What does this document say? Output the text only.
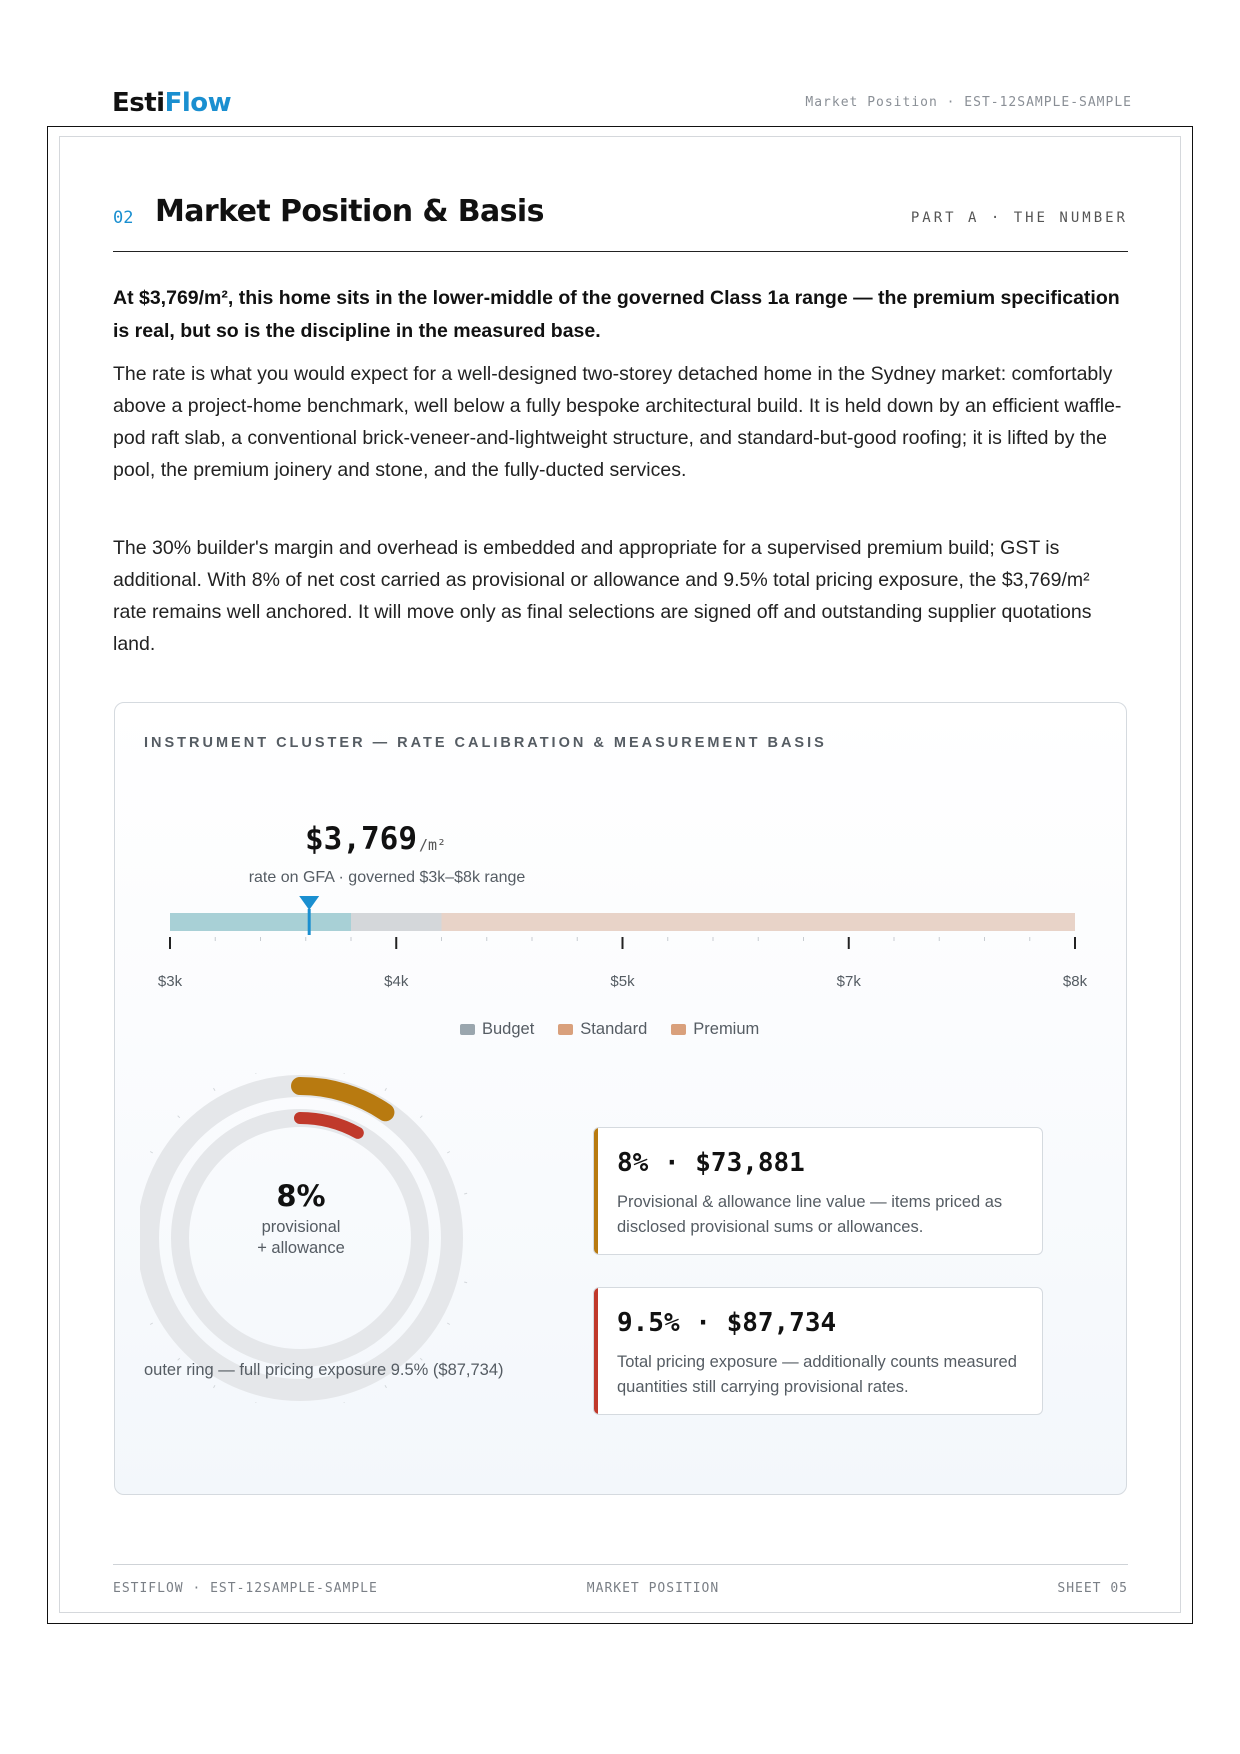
EstiFlow	Market Position · EST-12SAMPLE-SAMPLE
02 Market Position & Basis	PART A · THE NUMBER
At $3,769/m², this home sits in the lower-middle of the governed Class 1a range — the premium specification is real, but so is the discipline in the measured base.
The rate is what you would expect for a well-designed two-storey detached home in the Sydney market: comfortably above a project-home benchmark, well below a fully bespoke architectural build. It is held down by an efficient waffle-pod raft slab, a conventional brick-veneer-and-lightweight structure, and standard-but-good roofing; it is lifted by the pool, the premium joinery and stone, and the fully-ducted services.
The 30% builder's margin and overhead is embedded and appropriate for a supervised premium build; GST is additional. With 8% of net cost carried as provisional or allowance and 9.5% total pricing exposure, the $3,769/m² rate remains well anchored. It will move only as final selections are signed off and outstanding supplier quotations land.
INSTRUMENT CLUSTER — RATE CALIBRATION & MEASUREMENT BASIS
$3,769 /m²
rate on GFA · governed $3k–$8k range
$3k	$4k	$5k	$7k	$8k
Budget	Standard	Premium
8%
provisional
+ allowance
outer ring — full pricing exposure 9.5% ($87,734)
8% · $73,881
Provisional & allowance line value — items priced as disclosed provisional sums or allowances.
9.5% · $87,734
Total pricing exposure — additionally counts measured quantities still carrying provisional rates.
ESTIFLOW · EST-12SAMPLE-SAMPLE	MARKET POSITION	SHEET 05
